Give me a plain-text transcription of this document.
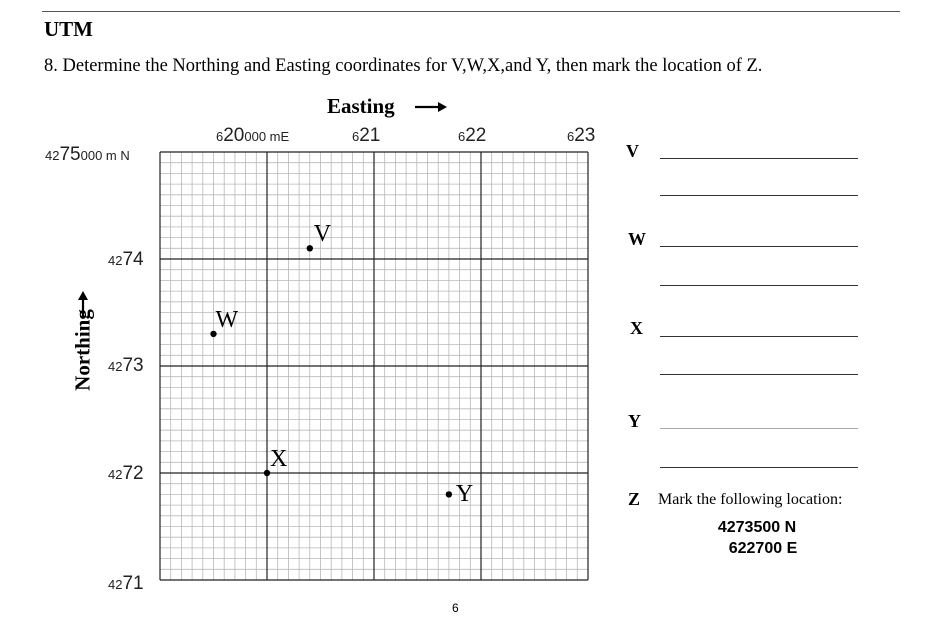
UTM
8. Determine the Northing and Easting coordinates for V,W,X,and Y, then mark the location of Z.
Easting
Northing
620000 mE	621	622	623
4275000 m N
4274
4273
4272
4271
V
W
X
Y
V
W
X
Y
Z Mark the following location:
4273500 N
622700 E
6
